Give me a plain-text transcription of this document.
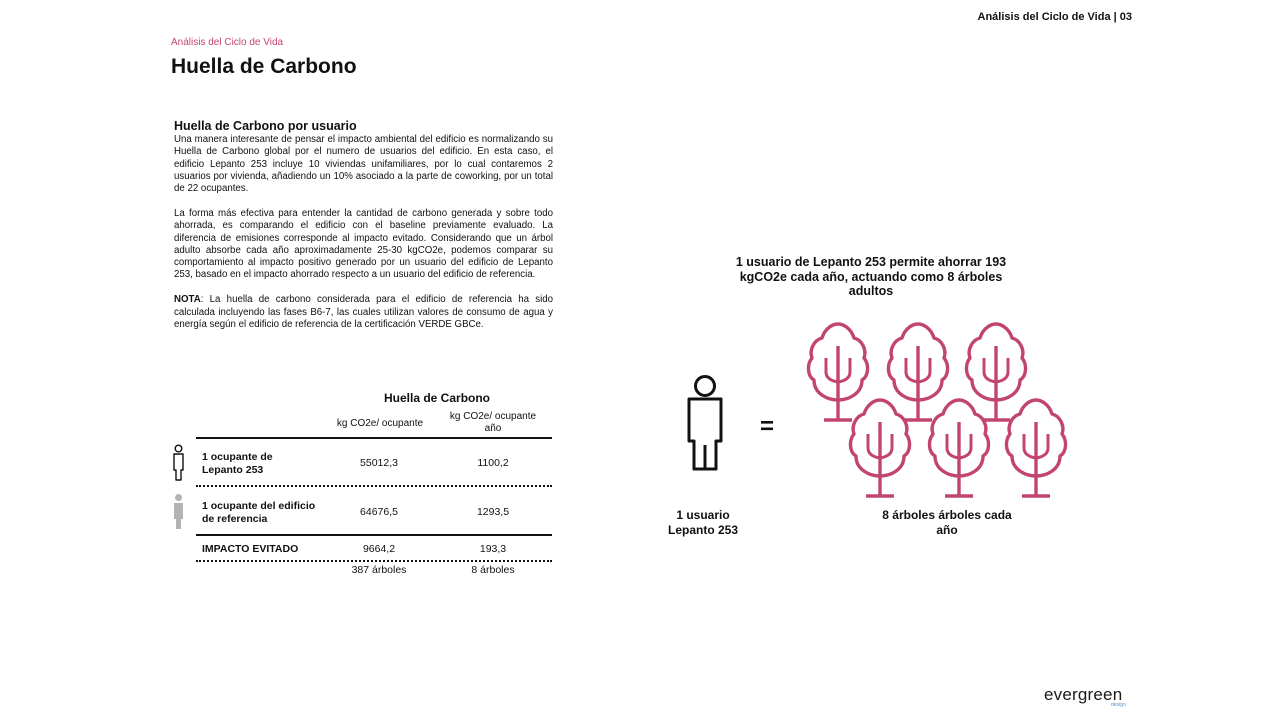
Análisis del Ciclo de Vida | 03
Análisis del Ciclo de Vida
Huella de Carbono

Huella de Carbono por usuario

Una manera interesante de pensar el impacto ambiental del edificio es normalizando su Huella de Carbono global por el numero de usuarios del edificio. En esta caso, el edificio Lepanto 253 incluye 10 viviendas unifamiliares, por lo cual contaremos 2 usuarios por vivienda, añadiendo un 10% asociado a la parte de coworking, por un total de 22 ocupantes.

La forma más efectiva para entender la cantidad de carbono generada y sobre todo ahorrada, es comparando el edificio con el baseline previamente evaluado. La diferencia de emisiones corresponde al impacto evitado. Considerando que un árbol adulto absorbe cada año aproximadamente 25-30 kgCO2e, podemos comparar su comportamiento al impacto positivo generado por un usuario del edificio de Lepanto 253, basado en el impacto ahorrado respecto a un usuario del edificio de referencia.

NOTA: La huella de carbono considerada para el edificio de referencia ha sido calculada incluyendo las fases B6-7, las cuales utilizan valores de consumo de agua y energía según el edificio de referencia de la certificación VERDE GBCe.

Huella de Carbono
kg CO2e/ ocupante
kg CO2e/ ocupante año
1 ocupante de Lepanto 253
55012,3	1100,2
1 ocupante del edificio de referencia
64676,5	1293,5
IMPACTO EVITADO	9664,2	193,3
387 árboles	8 árboles
1 usuario de Lepanto 253 permite ahorrar 193 kgCO2e cada año, actuando como 8 árboles adultos
=
1 usuario Lepanto 253
8 árboles árboles cada año
evergreen
design
